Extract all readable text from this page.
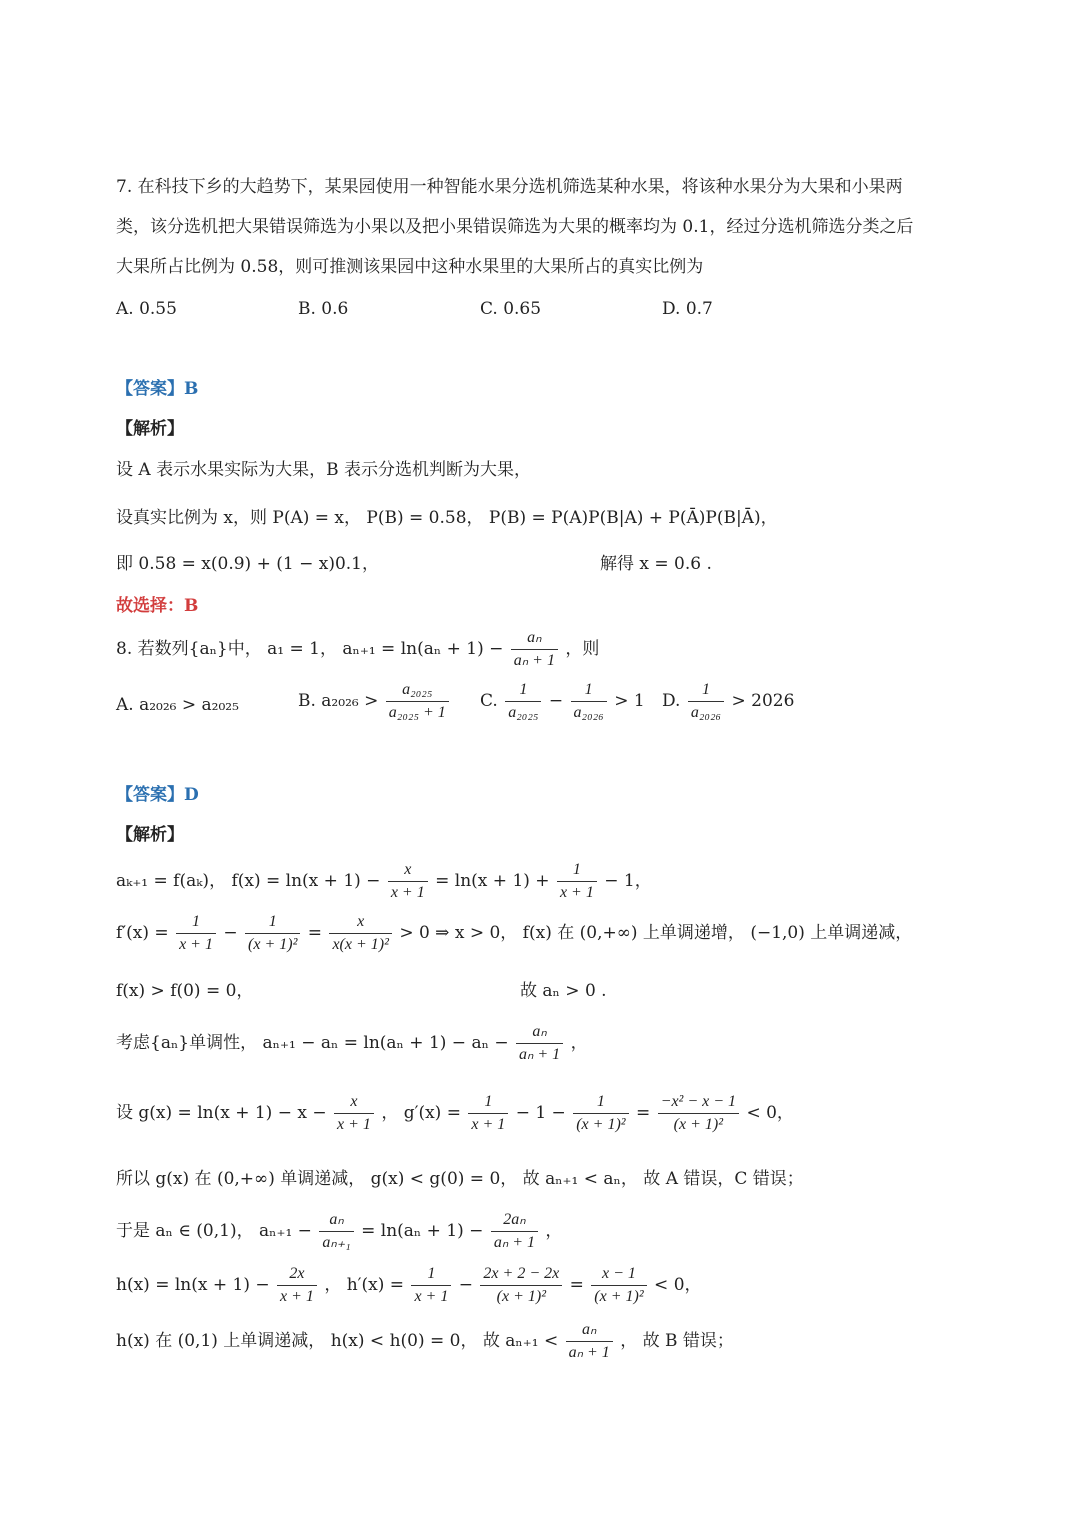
7. 在科技下乡的大趋势下，某果园使用一种智能水果分选机筛选某种水果，将该种水果分为大果和小果两
类，该分选机把大果错误筛选为小果以及把小果错误筛选为大果的概率均为 0.1，经过分选机筛选分类之后
大果所占比例为 0.58，则可推测该果园中这种水果里的大果所占的真实比例为
A. 0.55	B. 0.6	C. 0.65	D. 0.7
【答案】B
【解析】
设 A 表示水果实际为大果，B 表示分选机判断为大果，
设真实比例为 x，则 P(A) = x， P(B) = 0.58， P(B) = P(A)P(B|A) + P(Ā)P(B|Ā)，
即 0.58 = x(0.9) + (1 − x)0.1，	解得 x = 0.6 .
故选择：B
8. 若数列{aₙ}中， a₁ = 1， $a_{n+1} = \ln(a_n + 1) - \frac{\text{aₙ}}{\text{aₙ + 1}}$ ，则
A. a₂₀₂₆ > a₂₀₂₅	B. $a_{2026} > \frac{\text{a₂₀₂₅}}{\text{a₂₀₂₅ + 1}} C$. $\frac{1}{\text{a₂₀₂₅}} - \frac{1}{\text{a₂₀₂₆}} > 1$ D. $\frac{1}{\text{a₂₀₂₆}} > 2026$
【答案】D
【解析】
aₖ₊₁ = f(aₖ)， $f(x) = \ln(x + 1) - \frac{x}{x + 1} = \ln(x + 1) + \frac{1}{x + 1} - 1$，
$f'(x) = \frac{1}{x + 1} - \frac{1}{\text{(x + 1)²}} = \frac{x}{\text{x(x + 1)²}} > 0$ ⇒ x > 0， f(x) 在 (0,+∞) 上单调递增， (−1,0) 上单调递减，
f(x) > f(0) = 0，	故 aₙ > 0 .
考虑{aₙ}单调性， $a_{n+1} - a_n = \ln(a_n + 1) - a_n - \frac{\text{aₙ}}{\text{aₙ + 1}}$ ，
设 $g(x) = \ln(x + 1) - x - \frac{x}{x + 1}$ ， $g'(x) = \frac{1}{x + 1} - 1 - \frac{1}{\text{(x + 1)²}} = \frac{\text{−x² − x − 1}}{\text{(x + 1)²}} < 0$，
所以 g(x) 在 (0,+∞) 单调递减， g(x) < g(0) = 0， 故 aₙ₊₁ < aₙ， 故 A 错误，C 错误；
于是 aₙ ∈ (0,1)， $a_{n+1} - \frac{\text{aₙ}}{\text{aₙ₊₁}} = \ln(a_n + 1) - \frac{\text{2aₙ}}{\text{aₙ + 1}}$ ，
$h(x) = \ln(x + 1) - \frac{2x}{x + 1}$ ， $h'(x) = \frac{1}{x + 1} - \frac{2x + 2 - 2x}{\text{(x + 1)²}} = \frac{x - 1}{\text{(x + 1)²}} < 0$，
h(x) 在 (0,1) 上单调递减， h(x) < h(0) = 0， 故 $a_{n+1} < \frac{\text{aₙ}}{\text{aₙ + 1}}$ ， 故 B 错误；
